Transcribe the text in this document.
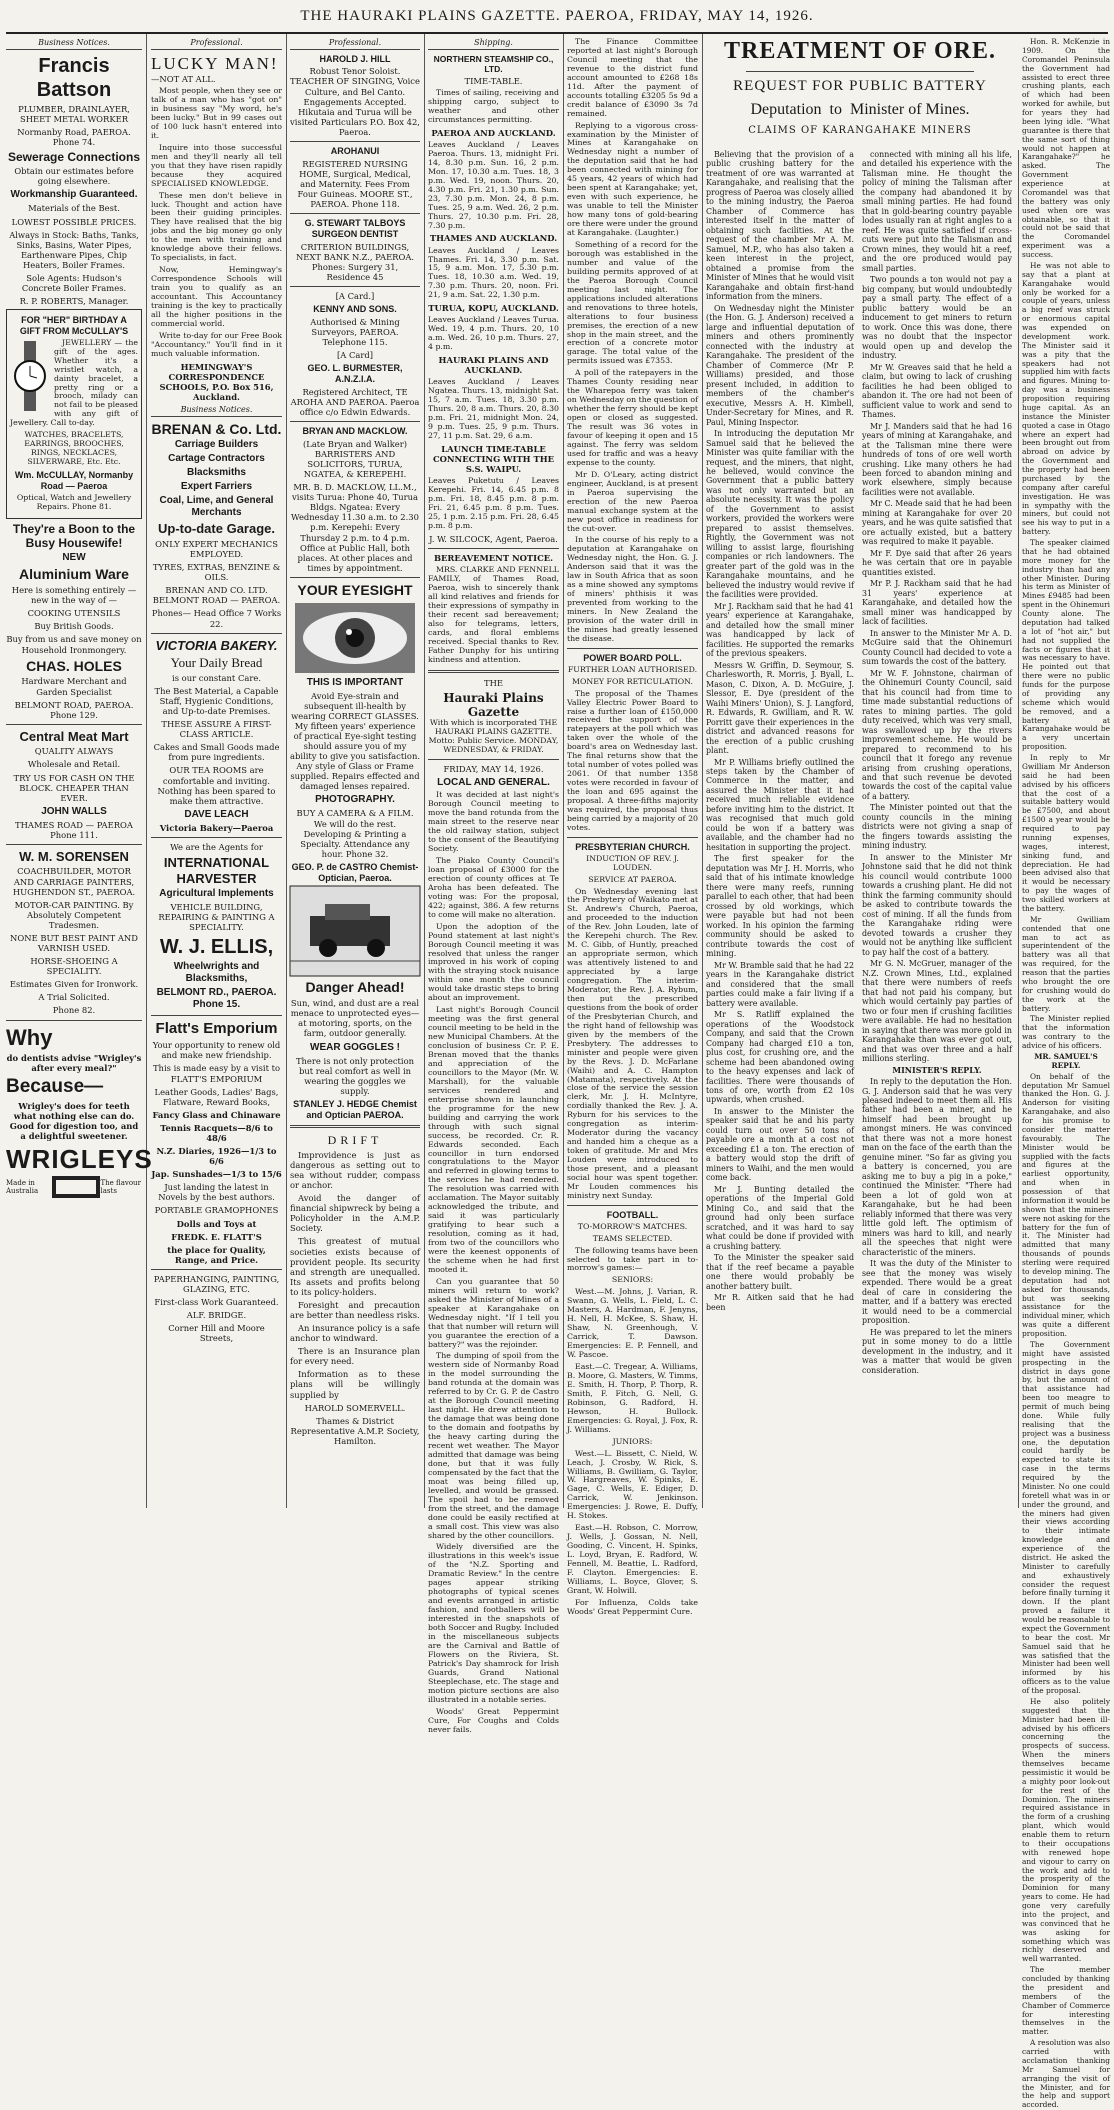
THE HAURAKI PLAINS GAZETTE. PAEROA, FRIDAY, MAY 14, 1926.
Business Notices.
Francis Battson

PLUMBER, DRAINLAYER, SHEET METAL WORKER

Normanby Road, PAEROA. Phone 74.

Sewerage Connections

Obtain our estimates before going elsewhere.

Workmanship Guaranteed.

Materials of the Best.

LOWEST POSSIBLE PRICES.

Always in Stock: Baths, Tanks, Sinks, Basins, Water Pipes, Earthenware Pipes, Chip Heaters, Boiler Frames.

Sole Agents: Hudson's Concrete Boiler Frames.

R. P. ROBERTS, Manager.

FOR "HER" BIRTHDAY A GIFT FROM McCULLAY'S

JEWELLERY — the gift of the ages. Whether it's a wristlet watch, a dainty bracelet, a pretty ring or a brooch, milady can not fail to be pleased with any gift of Jewellery. Call to-day.

WATCHES, BRACELETS, EARRINGS, BROOCHES, RINGS, NECKLACES, SILVERWARE, Etc. Etc.

Wm. McCULLAY, Normanby Road — Paeroa

Optical, Watch and Jewellery Repairs. Phone 81.

They're a Boon to the Busy Housewife!
NEW
Aluminium Ware

Here is something entirely — new in the way of —

COOKING UTENSILS

Buy British Goods.

Buy from us and save money on Household Ironmongery.

CHAS. HOLES

Hardware Merchant and Garden Specialist

BELMONT ROAD, PAEROA. Phone 129.

Central Meat Mart

QUALITY ALWAYS

Wholesale and Retail.

TRY US FOR CASH ON THE BLOCK. CHEAPER THAN EVER.

JOHN WALLS

THAMES ROAD — PAEROA Phone 111.

W. M. SORENSEN

COACHBUILDER, MOTOR AND CARRIAGE PAINTERS, HUGHENDON ST., PAEROA.

MOTOR-CAR PAINTING. By Absolutely Competent Tradesmen.

NONE BUT BEST PAINT AND VARNISH USED.

HORSE-SHOEING A SPECIALITY.

Estimates Given for Ironwork.

A Trial Solicited.

Phone 82.

Why

do dentists advise "Wrigley's after every meal?"

Because—

Wrigley's does for teeth what nothing else can do. Good for digestion too, and a delightful sweetener.

WRIGLEYS
Made in Australia
The flavour lasts
Professional.
LUCKY MAN!

—NOT AT ALL.

Most people, when they see or talk of a man who has "got on" in business say "My word, he's been lucky." But in 99 cases out of 100 luck hasn't entered into it.

Inquire into those successful men and they'll nearly all tell you that they have risen rapidly because they acquired SPECIALISED KNOWLEDGE.

These men don't believe in luck. Thought and action have been their guiding principles. They have realised that the big jobs and the big money go only to the men with training and knowledge above their fellows. To specialists, in fact.

Now, Hemingway's Correspondence Schools will train you to qualify as an accountant. This Accountancy training is the key to practically all the higher positions in the commercial world.

Write to-day for our Free Book "Accountancy." You'll find in it much valuable information.

HEMINGWAY'S CORRESPONDENCE SCHOOLS, P.O. Box 516, Auckland.

Business Notices.
BRENAN & Co. Ltd.
Carriage Builders
Cartage Contractors
Blacksmiths
Expert Farriers
Coal, Lime, and General Merchants
Up-to-date Garage.

ONLY EXPERT MECHANICS EMPLOYED.

TYRES, EXTRAS, BENZINE & OILS.

BRENAN AND CO. LTD. BELMONT ROAD — PAEROA.

Phones— Head Office 7 Works 22.

VICTORIA BAKERY.
Your Daily Bread

is our constant Care.

The Best Material, a Capable Staff, Hygienic Conditions, and Up-to-date Premises.

THESE ASSURE A FIRST-CLASS ARTICLE.

Cakes and Small Goods made from pure ingredients.

OUR TEA ROOMS are comfortable and inviting. Nothing has been spared to make them attractive.

DAVE LEACH

Victoria Bakery—Paeroa

We are the Agents for

INTERNATIONAL HARVESTER
Agricultural Implements

VEHICLE BUILDING, REPAIRING & PAINTING A SPECIALITY.

W. J. ELLIS,
Wheelwrights and Blacksmiths,
BELMONT RD., PAEROA. Phone 15.
Flatt's Emporium

Your opportunity to renew old and make new friendship.

This is made easy by a visit to FLATT'S EMPORIUM

Leather Goods, Ladies' Bags, Flatware, Reward Books,

Fancy Glass and Chinaware

Tennis Racquets—8/6 to 48/6

N.Z. Diaries, 1926—1/3 to 6/6

Jap. Sunshades—1/3 to 15/6

Just landing the latest in Novels by the best authors.

PORTABLE GRAMOPHONES

Dolls and Toys at

FREDK. E. FLATT'S

the place for Quality, Range, and Price.

PAPERHANGING, PAINTING, GLAZING, ETC.

First-class Work Guaranteed.

ALF. BRIDGE.

Corner Hill and Moore Streets,

Professional.
HAROLD J. HILL

Robust Tenor Soloist. TEACHER OF SINGING, Voice Culture, and Bel Canto. Engagements Accepted. Hikutaia and Turua will be visited Particulars P.O. Box 42, Paeroa.

AROHANUI

REGISTERED NURSING HOME, Surgical, Medical, and Maternity. Fees From Four Guineas. MOORE ST., PAEROA. Phone 118.

G. STEWART TALBOYS SURGEON DENTIST

CRITERION BUILDINGS, NEXT BANK N.Z., PAEROA. Phones: Surgery 31, Residence 45

[A Card.]

KENNY AND SONS.

Authorised & Mining Surveyors, PAEROA. Telephone 115.

[A Card]

GEO. L. BURMESTER, A.N.Z.I.A.

Registered Architect, TE AROHA AND PAEROA. Paeroa office c/o Edwin Edwards.

BRYAN AND MACKLOW.

(Late Bryan and Walker) BARRISTERS AND SOLICITORS, TURUA, NGATEA, & KEREPEHI.

MR. B. D. MACKLOW, LL.M., visits Turua: Phone 40, Turua Bldgs. Ngatea: Every Wednesday 11.30 a.m. to 2.30 p.m. Kerepehi: Every Thursday 2 p.m. to 4 p.m. Office at Public Hall, both places. At other places and times by appointment.

YOUR EYESIGHT
THIS IS IMPORTANT

Avoid Eye-strain and subsequent ill-health by wearing CORRECT GLASSES. My fifteen years' experience of practical Eye-sight testing should assure you of my ability to give you satisfaction. Any style of Glass or Frame supplied. Repairs effected and damaged lenses repaired.

PHOTOGRAPHY.

BUY A CAMERA & A FILM. We will do the rest. Developing & Printing a Specialty. Attendance any hour. Phone 32.

GEO. P. de CASTRO Chemist-Optician, Paeroa.
Danger Ahead!

Sun, wind, and dust are a real menace to unprotected eyes—at motoring, sports, on the farm, outdoor generally.

WEAR GOGGLES !

There is not only protection but real comfort as well in wearing the goggles we supply.

STANLEY J. HEDGE Chemist and Optician PAEROA.
DRIFT

Improvidence is just as dangerous as setting out to sea without rudder, compass or anchor.

Avoid the danger of financial shipwreck by being a Policyholder in the A.M.P. Society.

This greatest of mutual societies exists because of provident people. Its security and strength are unequalled. Its assets and profits belong to its policy-holders.

Foresight and precaution are better than needless risks.

An insurance policy is a safe anchor to windward.

There is an Insurance plan for every need.

Information as to these plans will be willingly supplied by

HAROLD SOMERVELL.

Thames & District Representative A.M.P. Society, Hamilton.

Shipping.
NORTHERN STEAMSHIP CO., LTD.

TIME-TABLE.

Times of sailing, receiving and shipping cargo, subject to weather and other circumstances permitting.

PAEROA AND AUCKLAND.

Leaves Auckland / Leaves Paeroa. Thurs. 13, midnight Fri. 14, 8.30 p.m. Sun. 16, 2 p.m. Mon. 17, 10.30 a.m. Tues. 18, 3 p.m. Wed. 19, noon. Thurs. 20, 4.30 p.m. Fri. 21, 1.30 p.m. Sun. 23, 7.30 p.m. Mon. 24, 8 p.m. Tues. 25, 9 a.m. Wed. 26, 2 p.m. Thurs. 27, 10.30 p.m. Fri. 28, 7.30 p.m.

THAMES AND AUCKLAND.

Leaves Auckland / Leaves Thames. Fri. 14, 3.30 p.m. Sat. 15, 9 a.m. Mon. 17, 5.30 p.m. Tues. 18, 10.30 a.m. Wed. 19, 7.30 p.m. Thurs. 20, noon. Fri. 21, 9 a.m. Sat. 22, 1.30 p.m.

TURUA, KOPU, AUCKLAND.

Leaves Auckland / Leaves Turua. Wed. 19, 4 p.m. Thurs. 20, 10 a.m. Wed. 26, 10 p.m. Thurs. 27, 4 p.m.

HAURAKI PLAINS AND AUCKLAND.

Leaves Auckland / Leaves Ngatea. Thurs. 13, midnight Sat. 15, 7 a.m. Tues. 18, 3.30 p.m. Thurs. 20, 8 a.m. Thurs. 20, 8.30 p.m. Fri. 21, midnight Mon. 24, 9 p.m. Tues. 25, 9 p.m. Thurs. 27, 11 p.m. Sat. 29, 6 a.m.

LAUNCH TIME-TABLE CONNECTING WITH THE S.S. WAIPU.

Leaves Puketutu / Leaves Kerepehi. Fri. 14, 6.45 p.m. 8 p.m. Fri. 18, 8.45 p.m. 8 p.m. Fri. 21, 6.45 p.m. 8 p.m. Tues. 25, 1 p.m. 2.15 p.m. Fri. 28, 6.45 p.m. 8 p.m.

J. W. SILCOCK, Agent, Paeroa.

BEREAVEMENT NOTICE.

MRS. CLARKE AND FENNELL FAMILY, of Thames Road, Paeroa, wish to sincerely thank all kind relatives and friends for their expressions of sympathy in their recent sad bereavement; also for telegrams, letters, cards, and floral emblems received. Special thanks to Rev. Father Dunphy for his untiring kindness and attention.

THE

Hauraki Plains Gazette

With which is incorporated THE HAURAKI PLAINS GAZETTE. Motto: Public Service. MONDAY, WEDNESDAY, & FRIDAY.

FRIDAY, MAY 14, 1926.

LOCAL AND GENERAL.

It was decided at last night's Borough Council meeting to move the band rotunda from the main street to the reserve near the old railway station, subject to the consent of the Beautifying Society.

The Piako County Council's loan proposal of £3000 for the erection of county offices at Te Aroha has been defeated. The voting was: For the proposal, 422; against, 386. A few returns to come will make no alteration.

Upon the adoption of the Pound statement at last night's Borough Council meeting it was resolved that unless the ranger improved in his work of coping with the straying stock nuisance within one month the council would take drastic steps to bring about an improvement.

Last night's Borough Council meeting was the first general council meeting to be held in the new Municipal Chambers. At the conclusion of business Cr. P. E. Brenan moved that the thanks and appreciation of the councillors to the Mayor (Mr. W. Marshall), for the valuable services rendered and enterprise shown in launching the programme for the new building and carrying the work through with such signal success, be recorded. Cr. R. Edwards seconded. Each councillor in turn endorsed congratulations to the Mayor and referred in glowing terms to the services he had rendered. The resolution was carried with acclamation. The Mayor suitably acknowledged the tribute, and said it was particularly gratifying to hear such a resolution, coming as it had, from two of the councillors who were the keenest opponents of the scheme when he had first mooted it.

Can you guarantee that 50 miners will return to work? asked the Minister of Mines of a speaker at Karangahake on Wednesday night. "If I tell you that that number will return will you guarantee the erection of a battery?" was the rejoinder.

The dumping of spoil from the western side of Normanby Road in the model surrounding the band rotunda at the domain was referred to by Cr. G. P. de Castro at the Borough Council meeting last night. He drew attention to the damage that was being done to the domain and footpaths by the heavy carting during the recent wet weather. The Mayor admitted that damage was being done, but that it was fully compensated by the fact that the moat was being filled up, levelled, and would be grassed. The spoil had to be removed from the street, and the damage done could be easily rectified at a small cost. This view was also shared by the other councillors.

Widely diversified are the illustrations in this week's issue of the "N.Z. Sporting and Dramatic Review." In the centre pages appear striking photographs of typical scenes and events arranged in artistic fashion, and footballers will be interested in the snapshots of both Soccer and Rugby. Included in the miscellaneous subjects are the Carnival and Battle of Flowers on the Riviera, St. Patrick's Day shamrock for Irish Guards, Grand National Steeplechase, etc. The stage and motion picture sections are also illustrated in a notable series.

Woods' Great Peppermint Cure, For Coughs and Colds never fails.

The Finance Committee reported at last night's Borough Council meeting that the revenue to the district fund account amounted to £268 18s 11d. After the payment of accounts totalling £3205 5s 9d a credit balance of £3090 3s 7d remained.

Replying to a vigorous cross-examination by the Minister of Mines at Karangahake on Wednesday night a number of the deputation said that he had been connected with mining for 45 years, 42 years of which had been spent at Karangahake; yet, even with such experience, he was unable to tell the Minister how many tons of gold-bearing ore there were under the ground at Karangahake. (Laughter.)

Something of a record for the borough was established in the number and value of the building permits approved of at the Paeroa Borough Council meeting last night. The applications included alterations and renovations to three hotels, alterations to four business premises, the erection of a new shop in the main street, and the erection of a concrete motor garage. The total value of the permits issued was £7353.

A poll of the ratepayers in the Thames County residing near the Wharepoa ferry was taken on Wednesday on the question of whether the ferry should be kept open or closed as suggested. The result was 36 votes in favour of keeping it open and 15 against. The ferry was seldom used for traffic and was a heavy expense to the county.

Mr D. O'Leary, acting district engineer, Auckland, is at present in Paeroa supervising the erection of the new Paeroa manual exchange system at the new post office in readiness for the cut-over.

In the course of his reply to a deputation at Karangahake on Wednesday night, the Hon. G. J. Anderson said that it was the law in South Africa that as soon as a mine showed any symptoms of miners' phthisis it was prevented from working to the miners. In New Zealand the provision of the water drill in the mines had greatly lessened the disease.

POWER BOARD POLL.

FURTHER LOAN AUTHORISED.

MONEY FOR RETICULATION.

The proposal of the Thames Valley Electric Power Board to raise a further loan of £150,000 received the support of the ratepayers at the poll which was taken over the whole of the board's area on Wednesday last. The final returns show that the total number of votes polled was 2061. Of that number 1358 votes were recorded in favour of the loan and 695 against the proposal. A three-fifths majority was required, the proposal thus being carried by a majority of 20 votes.

PRESBYTERIAN CHURCH.

INDUCTION OF REV. J. LOUDEN.

SERVICE AT PAEROA.

On Wednesday evening last the Presbytery of Waikato met at St. Andrew's Church, Paeroa, and proceeded to the induction of the Rev. John Louden, late of the Kerepehi church. The Rev. M. C. Gibb, of Huntly, preached an appropriate sermon, which was attentively listened to and appreciated by a large congregation. The interim-Moderator, the Rev. J. A. Rybum, then put the prescribed questions from the book of order of the Presbyterian Church, and the right hand of fellowship was given by the members of the Presbytery. The addresses to minister and people were given by the Revs. J. D. McFarlane (Waihi) and A. C. Hampton (Matamata), respectively. At the close of the service the session clerk, Mr. J. H. McIntyre, cordially thanked the Rev. J. A. Ryburn for his services to the congregation as interim-Moderator during the vacancy and handed him a cheque as a token of gratitude. Mr and Mrs Louden were introduced to those present, and a pleasant social hour was spent together. Mr Louden commences his ministry next Sunday.

FOOTBALL.

TO-MORROW'S MATCHES.

TEAMS SELECTED.

The following teams have been selected to take part in to-morrow's games:—

SENIORS:

West.—M. Johns, J. Varian, R. Swann, G. Wells, L. Field, L. C. Masters, A. Hardman, F. Jenyns, H. Nell, H. McKee, S. Shaw, H. Shaw, N. Greenhough, V. Carrick, T. Dawson. Emergencies: E. P. Fennell, and W. Pascoe.

East.—C. Tregear, A. Williams, B. Moore, G. Masters, W. Timms, E. Smith, H. Thorp, P. Thorp, R. Smith, F. Fitch, G. Nell, G. Robinson, G. Radford, H. Hewson, H. Bullock. Emergencies: G. Royal, J. Fox, R. J. Williams.

JUNIORS:

West.—L. Bissett, C. Nield, W. Leach, J. Crosby, W. Rick, S. Williams, B. Gwilliam, G. Taylor, W. Hargreaves, W. Spinks, E. Gage, C. Wells, E. Ediger, D. Carrick, W. Jenkinson. Emergencies: J. Rowe, E. Duffy, H. Stokes.

East.—H. Robson, C. Morrow, J. Wells, J. Gossan, N. Nell, Gooding, C. Vincent, H. Spinks, L. Loyd, Bryan, E. Radford, W. Fennell, M. Beattie, L. Radford, F. Clayton. Emergencies: E. Williams, L. Boyce, Glover, S. Grant, W. Holwill.

For Influenza, Colds take Woods' Great Peppermint Cure.

TREATMENT OF ORE.
REQUEST FOR PUBLIC BATTERY
Deputation to Minister of Mines.
CLAIMS OF KARANGAHAKE MINERS

Believing that the provision of a public crushing battery for the treatment of ore was warranted at Karangahake, and realising that the progress of Paeroa was closely allied to the mining industry, the Paeroa Chamber of Commerce has interested itself in the matter of obtaining such facilities. At the request of the chamber Mr A. M. Samuel, M.P., who has also taken a keen interest in the project, obtained a promise from the Minister of Mines that he would visit Karangahake and obtain first-hand information from the miners.

On Wednesday night the Minister (the Hon. G. J. Anderson) received a large and influential deputation of miners and others prominently connected with the industry at Karangahake. The president of the Chamber of Commerce (Mr P. Williams) presided, and those present included, in addition to members of the chamber's executive, Messrs A. H. Kimbell, Under-Secretary for Mines, and R. Paul, Mining Inspector.

In introducing the deputation Mr Samuel said that he believed the Minister was quite familiar with the request, and the miners, that night, he believed, would convince the Government that a public battery was not only warranted but an absolute necessity. It was the policy of the Government to assist workers, provided the workers were prepared to assist themselves. Rightly, the Government was not willing to assist large, flourishing companies or rich landowners. The greater part of the gold was in the Karangahake mountains, and he believed the industry would revive if the facilities were provided.

Mr J. Rackham said that he had 41 years' experience at Karangahake, and detailed how the small miner was handicapped by lack of facilities. He supported the remarks of the previous speakers.

Messrs W. Griffin, D. Seymour, S. Charlesworth, R. Morris, J. Byall, L. Mason, C. Dixon, A. D. McGuire, J. Slessor, E. Dye (president of the Waihi Miners' Union), S. J. Langford, R. Edwards, R. Gwilliam, and R. W. Porritt gave their experiences in the district and advanced reasons for the erection of a public crushing plant.

Mr P. Williams briefly outlined the steps taken by the Chamber of Commerce in the matter, and assured the Minister that it had received much reliable evidence before inviting him to the district. It was recognised that much gold could be won if a battery was available, and the chamber had no hesitation in supporting the project.

The first speaker for the deputation was Mr J. H. Morris, who said that of his intimate knowledge there were many reefs, running parallel to each other, that had been crossed by old workings, which were payable but had not been worked. In his opinion the farming community should be asked to contribute towards the cost of mining.

Mr W. Bramble said that he had 22 years in the Karangahake district and considered that the small parties could make a fair living if a battery were available.

Mr S. Ratliff explained the operations of the Woodstock Company, and said that the Crown Company had charged £10 a ton, plus cost, for crushing ore, and the scheme had been abandoned owing to the heavy expenses and lack of facilities. There were thousands of tons of ore, worth from £2 10s upwards, when crushed.

In answer to the Minister the speaker said that he and his party could turn out over 50 tons of payable ore a month at a cost not exceeding £1 a ton. The erection of a battery would stop the drift of miners to Waihi, and the men would come back.

Mr J. Bunting detailed the operations of the Imperial Gold Mining Co., and said that the ground had only been surface scratched, and it was hard to say what could be done if provided with a crushing battery.

To the Minister the speaker said that if the reef became a payable one there would probably be another battery built.

Mr R. Aitken said that he had been

connected with mining all his life, and detailed his experience with the Talisman mine. He thought the policy of mining the Talisman after the company had abandoned it by small mining parties. He had found that in gold-bearing country payable lodes usually ran at right angles to a reef. He was quite satisfied if cross-cuts were put into the Talisman and Crown mines, they would hit a reef, and the ore produced would pay small parties.

Two pounds a ton would not pay a big company, but would undoubtedly pay a small party. The effect of a public battery would be an inducement to get miners to return to work. Once this was done, there was no doubt that the inspector would open up and develop the industry.

Mr W. Greaves said that he held a claim, but owing to lack of crushing facilities he had been obliged to abandon it. The ore had not been of sufficient value to work and send to Thames.

Mr J. Manders said that he had 16 years of mining at Karangahake, and at the Talisman mine there were hundreds of tons of ore well worth crushing. Like many others he had been forced to abandon mining and work elsewhere, simply because facilities were not available.

Mr C. Meade said that he had been mining at Karangahake for over 20 years, and he was quite satisfied that ore actually existed, but a battery was required to make it payable.

Mr F. Dye said that after 26 years he was certain that ore in payable quantities existed.

Mr P. J. Rackham said that he had 31 years' experience at Karangahake, and detailed how the small miner was handicapped by lack of facilities.

In answer to the Minister Mr A. D. McGuire said that the Ohinemuri County Council had decided to vote a sum towards the cost of the battery.

Mr W. F. Johnstone, chairman of the Ohinemuri County Council, said that his council had from time to time made substantial reductions of rates to mining parties. The gold duty received, which was very small, was swallowed up by the rivers improvement scheme. He would be prepared to recommend to his council that it forego any revenue arising from crushing operations, and that such revenue be devoted towards the cost of the capital value of a battery.

The Minister pointed out that the county councils in the mining districts were not giving a snap of the fingers towards assisting the mining industry.

In answer to the Minister Mr Johnstone said that he did not think his council would contribute 1000 towards a crushing plant. He did not think the farming community should be asked to contribute towards the cost of mining. If all the funds from the Karangahake riding were devoted towards a crusher they would not be anything like sufficient to pay half the cost of a battery.

Mr G. N. McGruer, manager of the N.Z. Crown Mines, Ltd., explained that there were numbers of reefs that had not paid his company, but which would certainly pay parties of two or four men if crushing facilities were available. He had no hesitation in saying that there was more gold in Karangahake than was ever got out, and that was over three and a half millions sterling.

MINISTER'S REPLY.

In reply to the deputation the Hon. G. J. Anderson said that he was very pleased indeed to meet them all. His father had been a miner, and he himself had been brought up amongst miners. He was convinced that there was not a more honest man on the face of the earth than the genuine miner. "So far as giving you a battery is concerned, you are asking me to buy a pig in a poke," continued the Minister. "There had been a lot of gold won at Karangahake, but he had been reliably informed that there was very little gold left. The optimism of miners was hard to kill, and nearly all the speeches that night were characteristic of the miners.

It was the duty of the Minister to see that the money was wisely expended. There would be a great deal of care in considering the matter, and if a battery was erected it would need to be a commercial proposition.

He was prepared to let the miners put in some money to do a little development in the industry, and it was a matter that would be given consideration.

Hon. R. McKenzie in 1909. On the Coromandel Peninsula the Government had assisted to erect three crushing plants, each of which had been worked for awhile, but for years they had been lying idle. "What guarantee is there that the same sort of thing would not happen at Karangahake?" he asked. The Government experience at Coromandel was that the battery was only used when ore was obtainable, so that it could not be said that the Coromandel experiment was a success.

He was not able to say that a plant at Karangahake would only be worked for a couple of years, unless a big reef was struck or enormous capital was expended on development work. The Minister said it was a pity that the speakers had not supplied him with facts and figures. Mining to-day was a business proposition requiring huge capital. As an instance the Minister quoted a case in Otago where an expert had been brought out from abroad on advice by the Government and the property had been purchased by the company after careful investigation. He was in sympathy with the miners, but could not see his way to put in a battery.

The speaker claimed that he had obtained more money for the industry than had any other Minister. During his term as Minister of Mines £9485 had been spent in the Ohinemuri County alone. The deputation had talked a lot of "hot air," but had not supplied the facts or figures that it was necessary to have. He pointed out that there were no public funds for the purpose of providing any scheme which would be removed, and a battery at Karangahake would be a very uncertain proposition.

In reply to Mr Gwilliam Mr Anderson said he had been advised by his officers that the cost of a suitable battery would be £7500, and about £1500 a year would be required to pay running expenses, wages, interest, sinking fund, and depreciation. He had been advised also that it would be necessary to pay the wages of two skilled workers at the battery.

Mr Gwilliam contended that one man to act as superintendent of the battery was all that was required, for the reason that the parties who brought the ore for crushing would do the work at the battery.

The Minister replied that the information was contrary to the advice of his officers.

MR. SAMUEL'S REPLY.

On behalf of the deputation Mr Samuel thanked the Hon. G. J. Anderson for visiting Karangahake, and also for his promise to consider the matter favourably. The Minister would be supplied with the facts and figures at the earliest opportunity, and when in possession of that information it would be shown that the miners were not asking for the battery for the fun of it. The Minister had admitted that many thousands of pounds sterling were required to develop mining. The deputation had not asked for thousands, but was seeking assistance for the individual miner, which was quite a different proposition.

The Government might have assisted prospecting in the district in days gone by, but the amount of that assistance had been too meagre to permit of much being done. While fully realising that the project was a business one, the deputation could hardly be expected to state its case in the terms required by the Minister. No one could foretell what was in or under the ground, and the miners had given their views according to their intimate knowledge and experience of the district. He asked the Minister to carefully and exhaustively consider the request before finally turning it down. If the plant proved a failure it would be reasonable to expect the Government to bear the cost. Mr Samuel said that he was satisfied that the Minister had been well informed by his officers as to the value of the proposal.

He also politely suggested that the Minister had been ill-advised by his officers concerning the prospects of success. When the miners themselves became pessimistic it would be a mighty poor look-out for the rest of the Dominion. The miners required assistance in the form of a crushing plant, which would enable them to return to their occupations with renewed hope and vigour to carry on the work and add to the prosperity of the Dominion for many years to come. He had gone very carefully into the project, and was convinced that he was asking for something which was richly deserved and well warranted.

The member concluded by thanking the president and members of the Chamber of Commerce for interesting themselves in the matter.

A resolution was also carried with acclamation thanking Mr Samuel for arranging the visit of the Minister, and for the help and support accorded.
